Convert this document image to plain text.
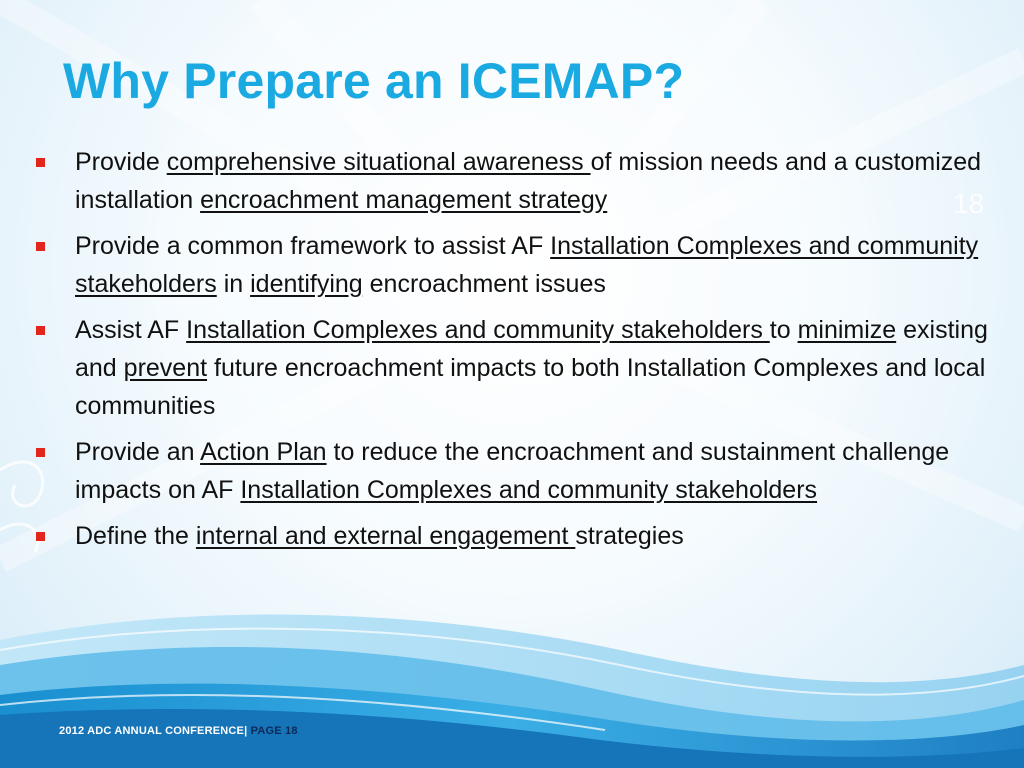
Why Prepare an ICEMAP?
18
Provide comprehensive situational awareness of mission needs and a customized installation encroachment management strategy
Provide a common framework to assist AF Installation Complexes and community stakeholders in identifying encroachment issues
Assist AF Installation Complexes and community stakeholders to minimize existing and prevent future encroachment impacts to both Installation Complexes and local communities
Provide an Action Plan to reduce the encroachment and sustainment challenge impacts on AF Installation Complexes and community stakeholders
Define the internal and external engagement strategies
2012 ADC ANNUAL CONFERENCE| PAGE 18
